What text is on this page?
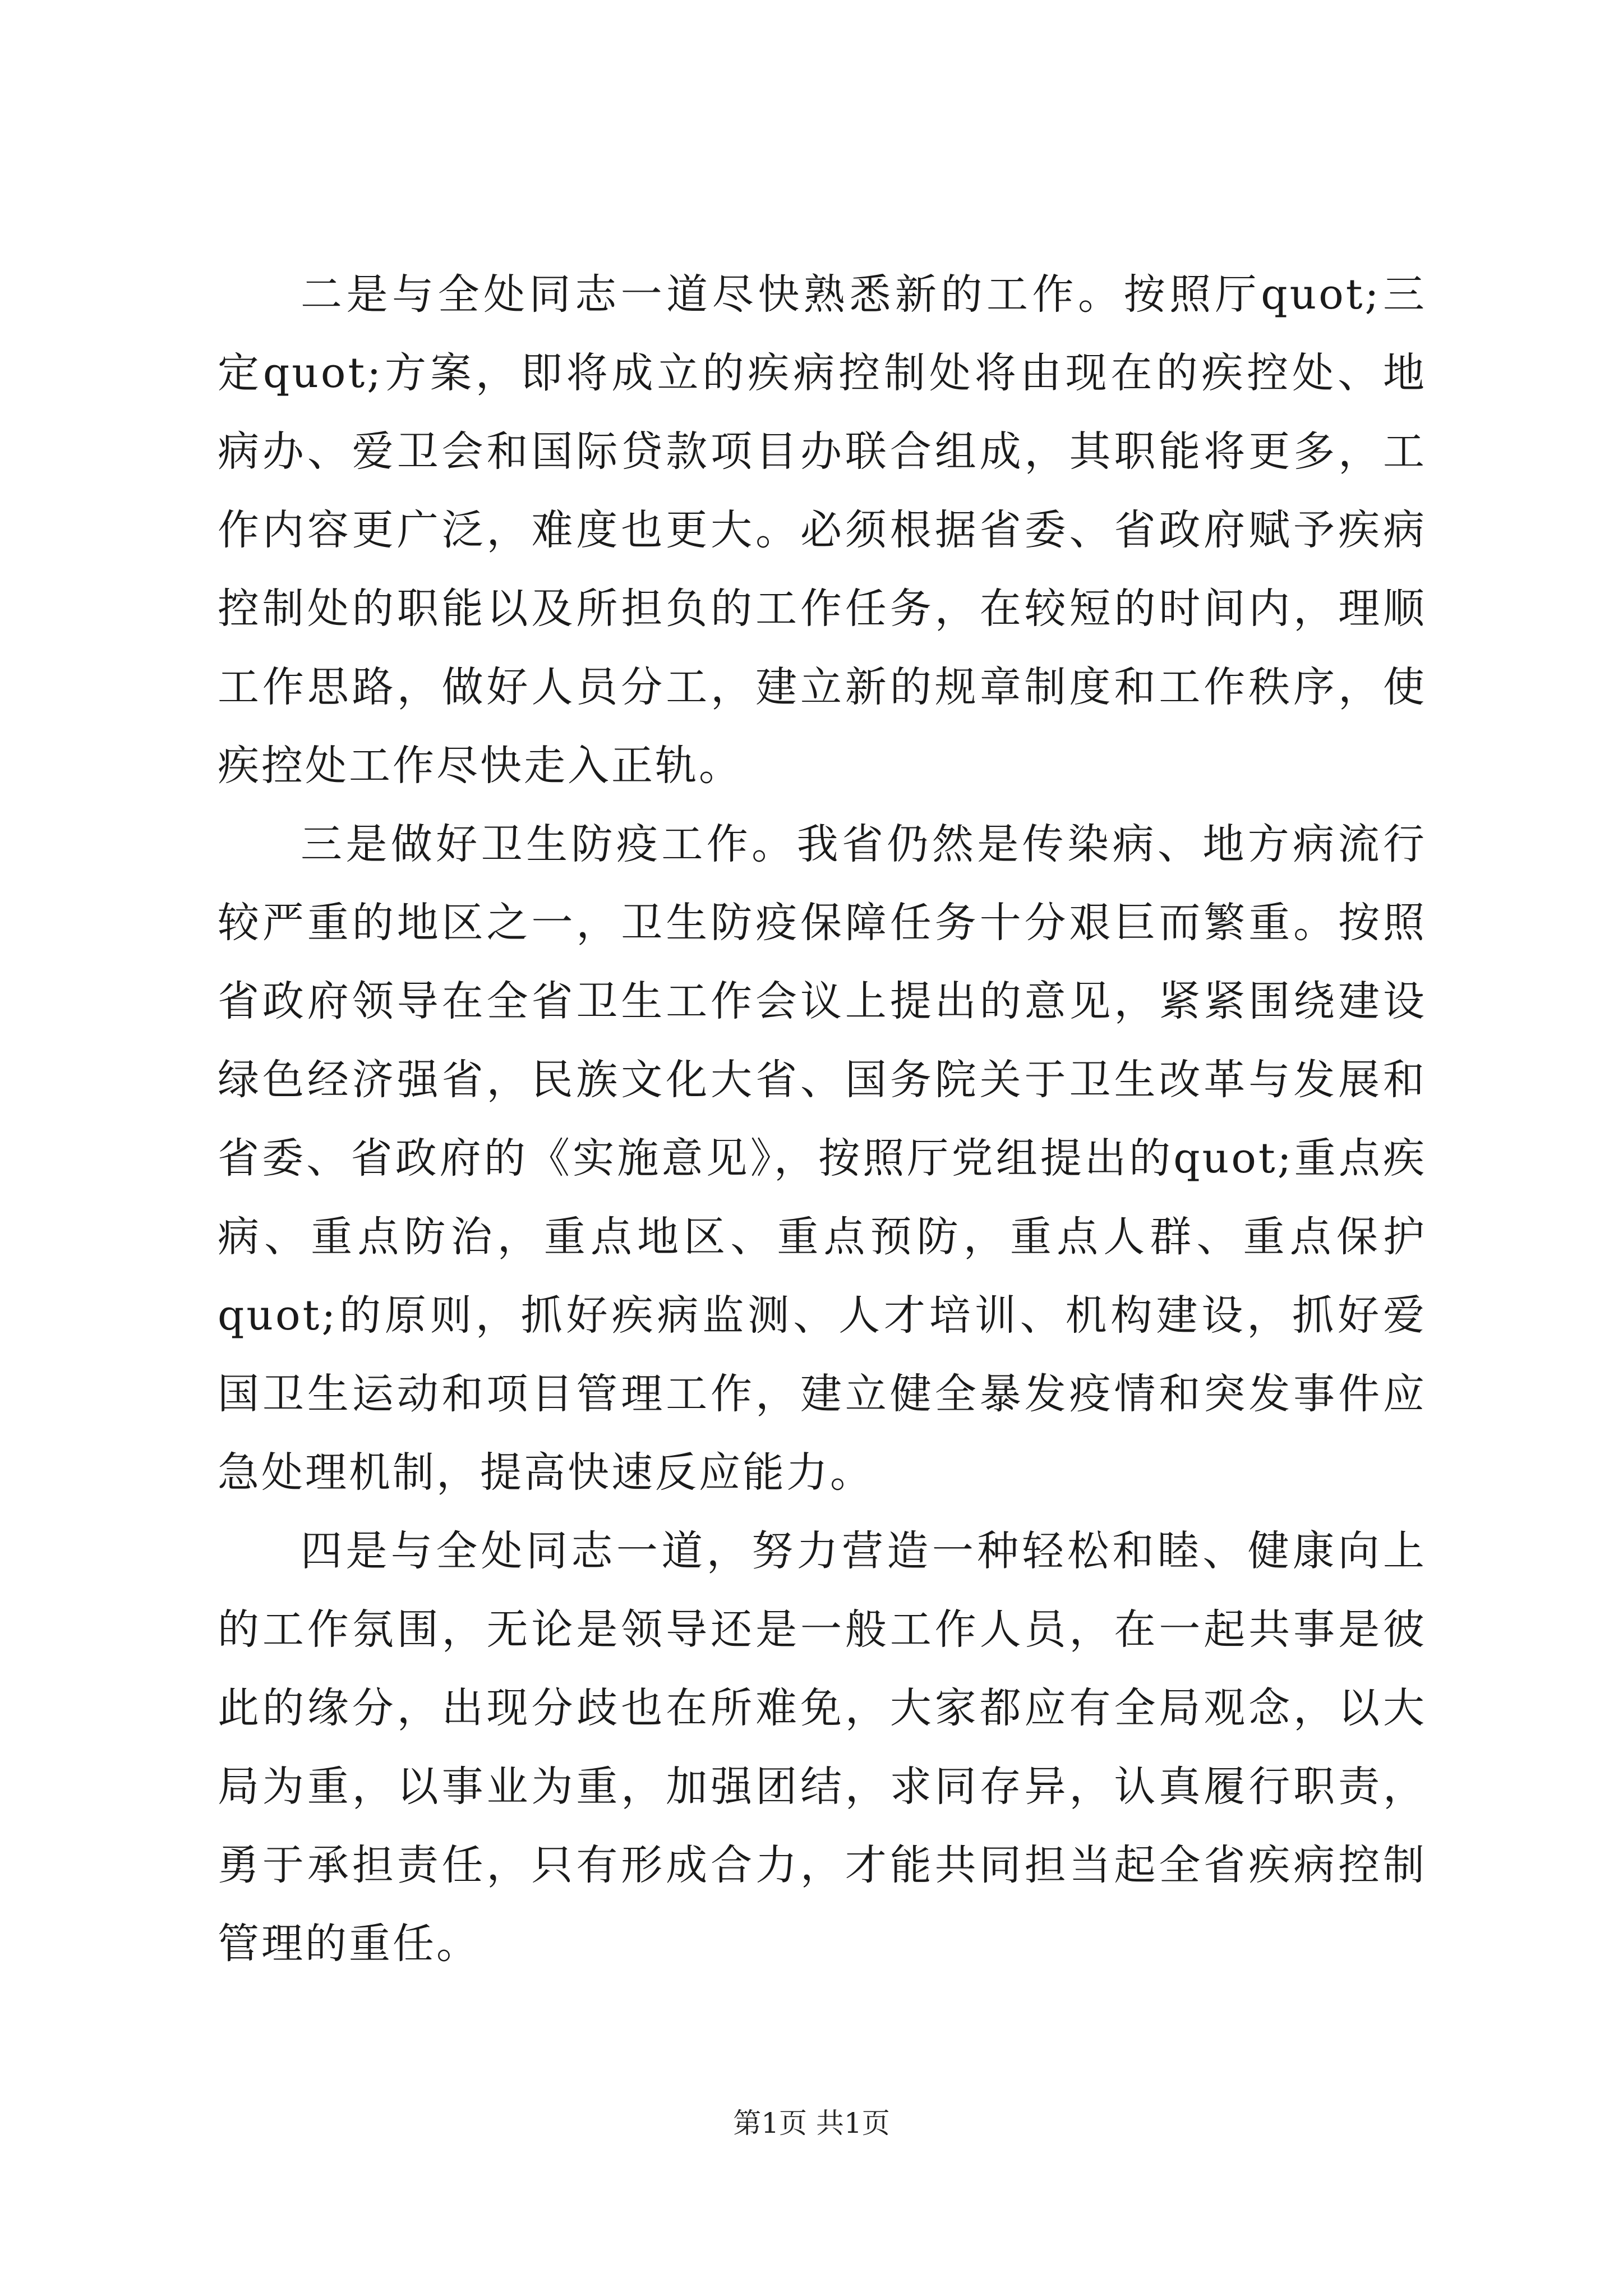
二是与全处同志一道尽快熟悉新的工作。按照厅quot;三定quot;方案，即将成立的疾病控制处将由现在的疾控处、地病办、爱卫会和国际贷款项目办联合组成，其职能将更多，工作内容更广泛，难度也更大。必须根据省委、省政府赋予疾病控制处的职能以及所担负的工作任务，在较短的时间内，理顺工作思路，做好人员分工，建立新的规章制度和工作秩序，使疾控处工作尽快走入正轨。

三是做好卫生防疫工作。我省仍然是传染病、地方病流行较严重的地区之一，卫生防疫保障任务十分艰巨而繁重。按照省政府领导在全省卫生工作会议上提出的意见，紧紧围绕建设绿色经济强省，民族文化大省、国务院关于卫生改革与发展和省委、省政府的《实施意见》，按照厅党组提出的quot;重点疾病、重点防治，重点地区、重点预防，重点人群、重点保护quot;的原则，抓好疾病监测、人才培训、机构建设，抓好爱国卫生运动和项目管理工作，建立健全暴发疫情和突发事件应急处理机制，提高快速反应能力。

四是与全处同志一道，努力营造一种轻松和睦、健康向上的工作氛围，无论是领导还是一般工作人员，在一起共事是彼此的缘分，出现分歧也在所难免，大家都应有全局观念，以大局为重，以事业为重，加强团结，求同存异，认真履行职责，勇于承担责任，只有形成合力，才能共同担当起全省疾病控制管理的重任。

第1页 共1页
